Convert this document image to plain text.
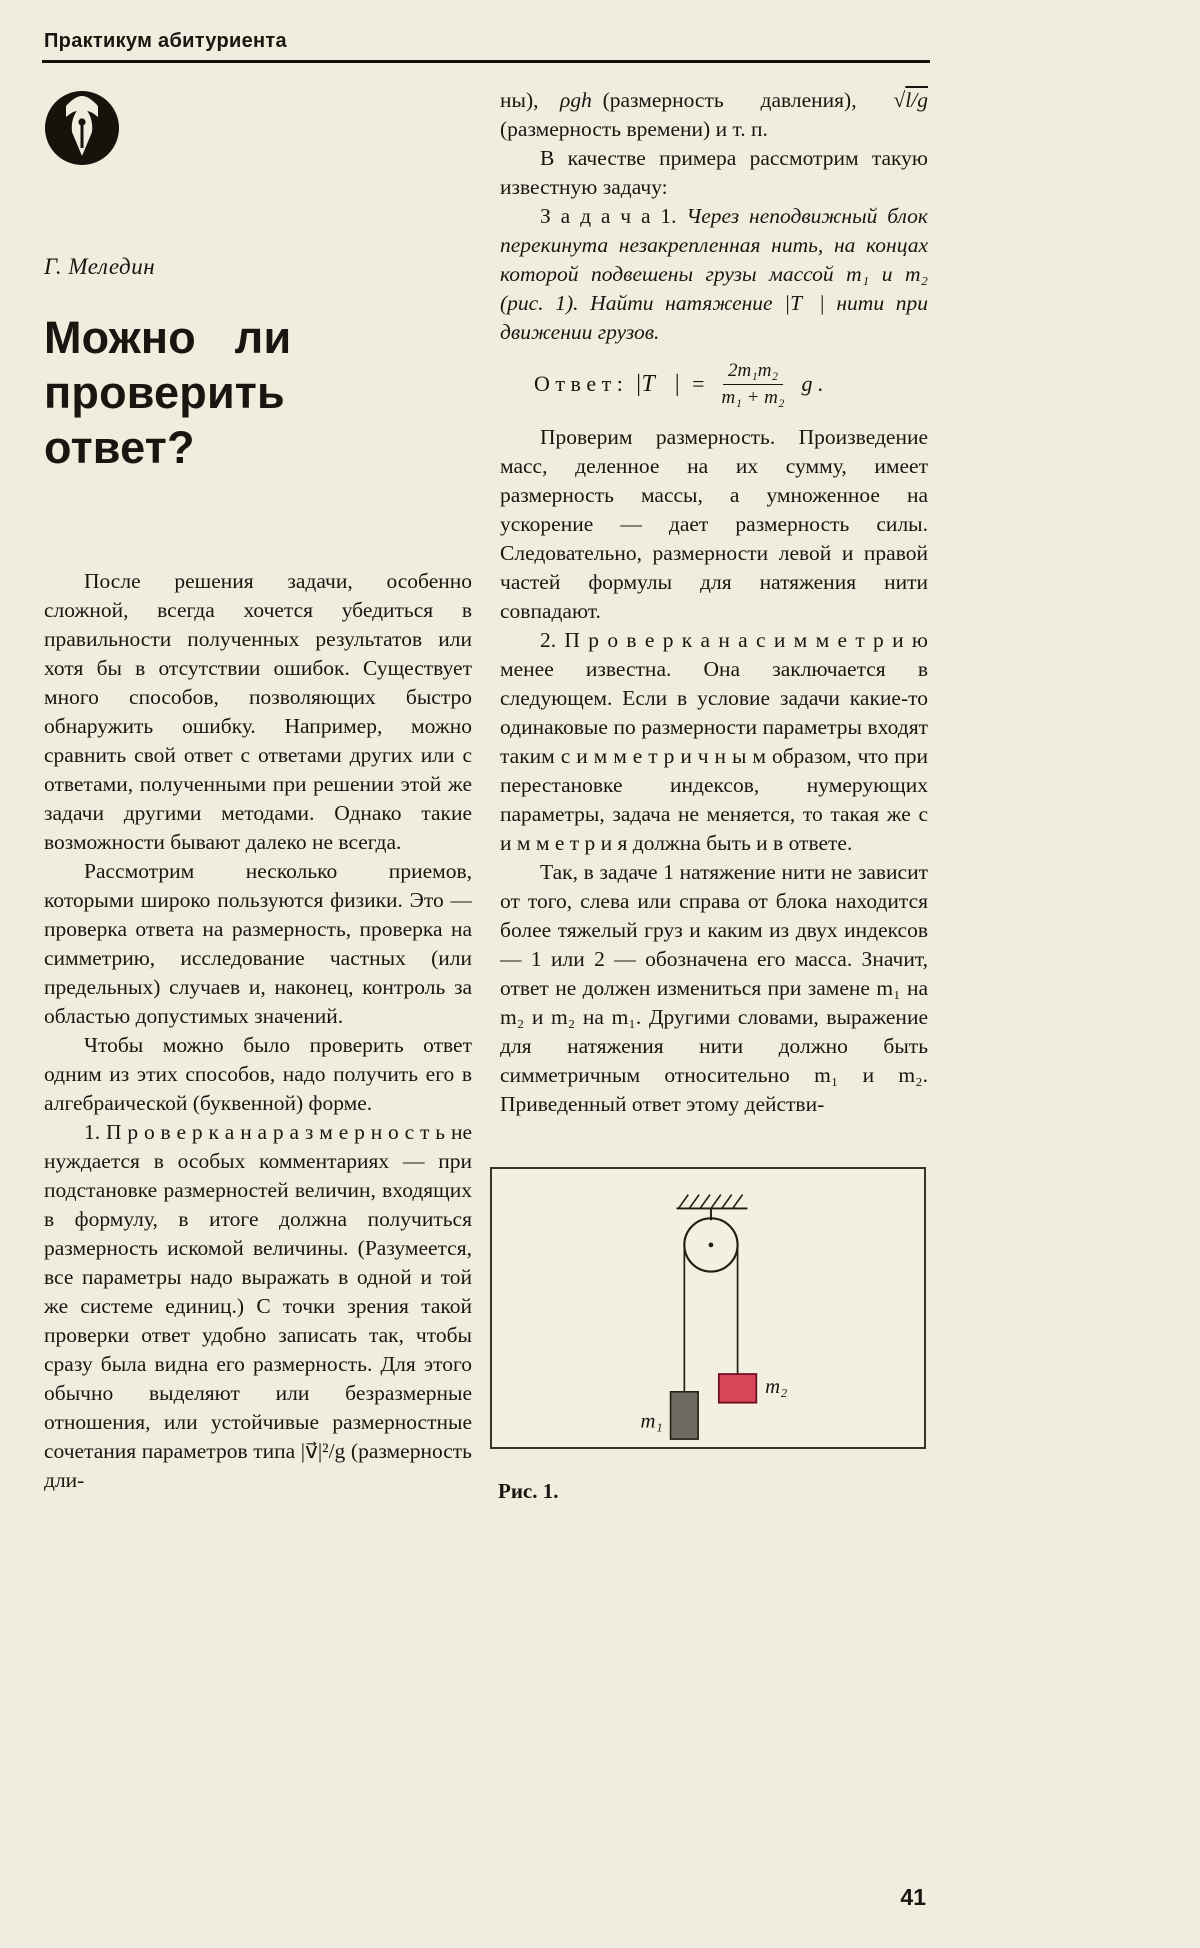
Практикум абитуриента
Г. Меледин
Можно ли
проверить ответ?

После решения задачи, особенно сложной, всегда хочется убедиться в правильности полученных результатов или хотя бы в отсутствии ошибок. Существует много способов, позволяющих быстро обнаружить ошибку. Например, можно сравнить свой ответ с ответами других или с ответами, полученными при решении этой же задачи другими методами. Однако такие возможности бывают далеко не всегда.

Рассмотрим несколько приемов, которыми широко пользуются физики. Это — проверка ответа на размерность, проверка на симметрию, исследование частных (или предельных) случаев и, наконец, контроль за областью допустимых значений.

Чтобы можно было проверить ответ одним из этих способов, надо получить его в алгебраической (буквенной) форме.

1. П р о в е р к а н а р а з м е р н о с т ь не нуждается в особых комментариях — при подстановке размерностей величин, входящих в формулу, в итоге должна получиться размерность искомой величины. (Разумеется, все параметры надо выражать в одной и той же системе единиц.) С точки зрения такой проверки ответ удобно записать так, чтобы сразу была видна его размерность. Для этого обычно выделяют или безразмерные отношения, или устойчивые размерностные сочетания параметров типа |v⃗|²/g (размерность дли-

ны),  ρgh  (размерность давления), √l/g (размерность времени) и т. п.

В качестве примера рассмотрим такую известную задачу:

З а д а ч а 1. Через неподвижный блок перекинута незакрепленная нить, на концах которой подвешены грузы массой m₁ и m₂ (рис. 1). Найти натяжение |T⃗| нити при движении грузов.

О т в е т : |T⃗| = $\frac{\text{2m₁m₂}}{\text{m₁ + m₂}}$ g .

Проверим размерность. Произведение масс, деленное на их сумму, имеет размерность массы, а умноженное на ускорение — дает размерность силы. Следовательно, размерности левой и правой частей формулы для натяжения нити совпадают.

2. П р о в е р к а н а с и м м е т р и ю менее известна. Она заключается в следующем. Если в условие задачи какие-то одинаковые по размерности параметры входят таким с и м м е т р и ч н ы м образом, что при перестановке индексов, нумерующих параметры, задача не меняется, то такая же с и м м е т р и я должна быть и в ответе.

Так, в задаче 1 натяжение нити не зависит от того, слева или справа от блока находится более тяжелый груз и каким из двух индексов — 1 или 2 — обозначена его масса. Значит, ответ не должен измениться при замене m₁ на m₂ и m₂ на m₁. Другими словами, выражение для натяжения нити должно быть симметричным относительно m₁ и m₂. Приведенный ответ этому действи-

m₁
m₂
Рис. 1.
41
